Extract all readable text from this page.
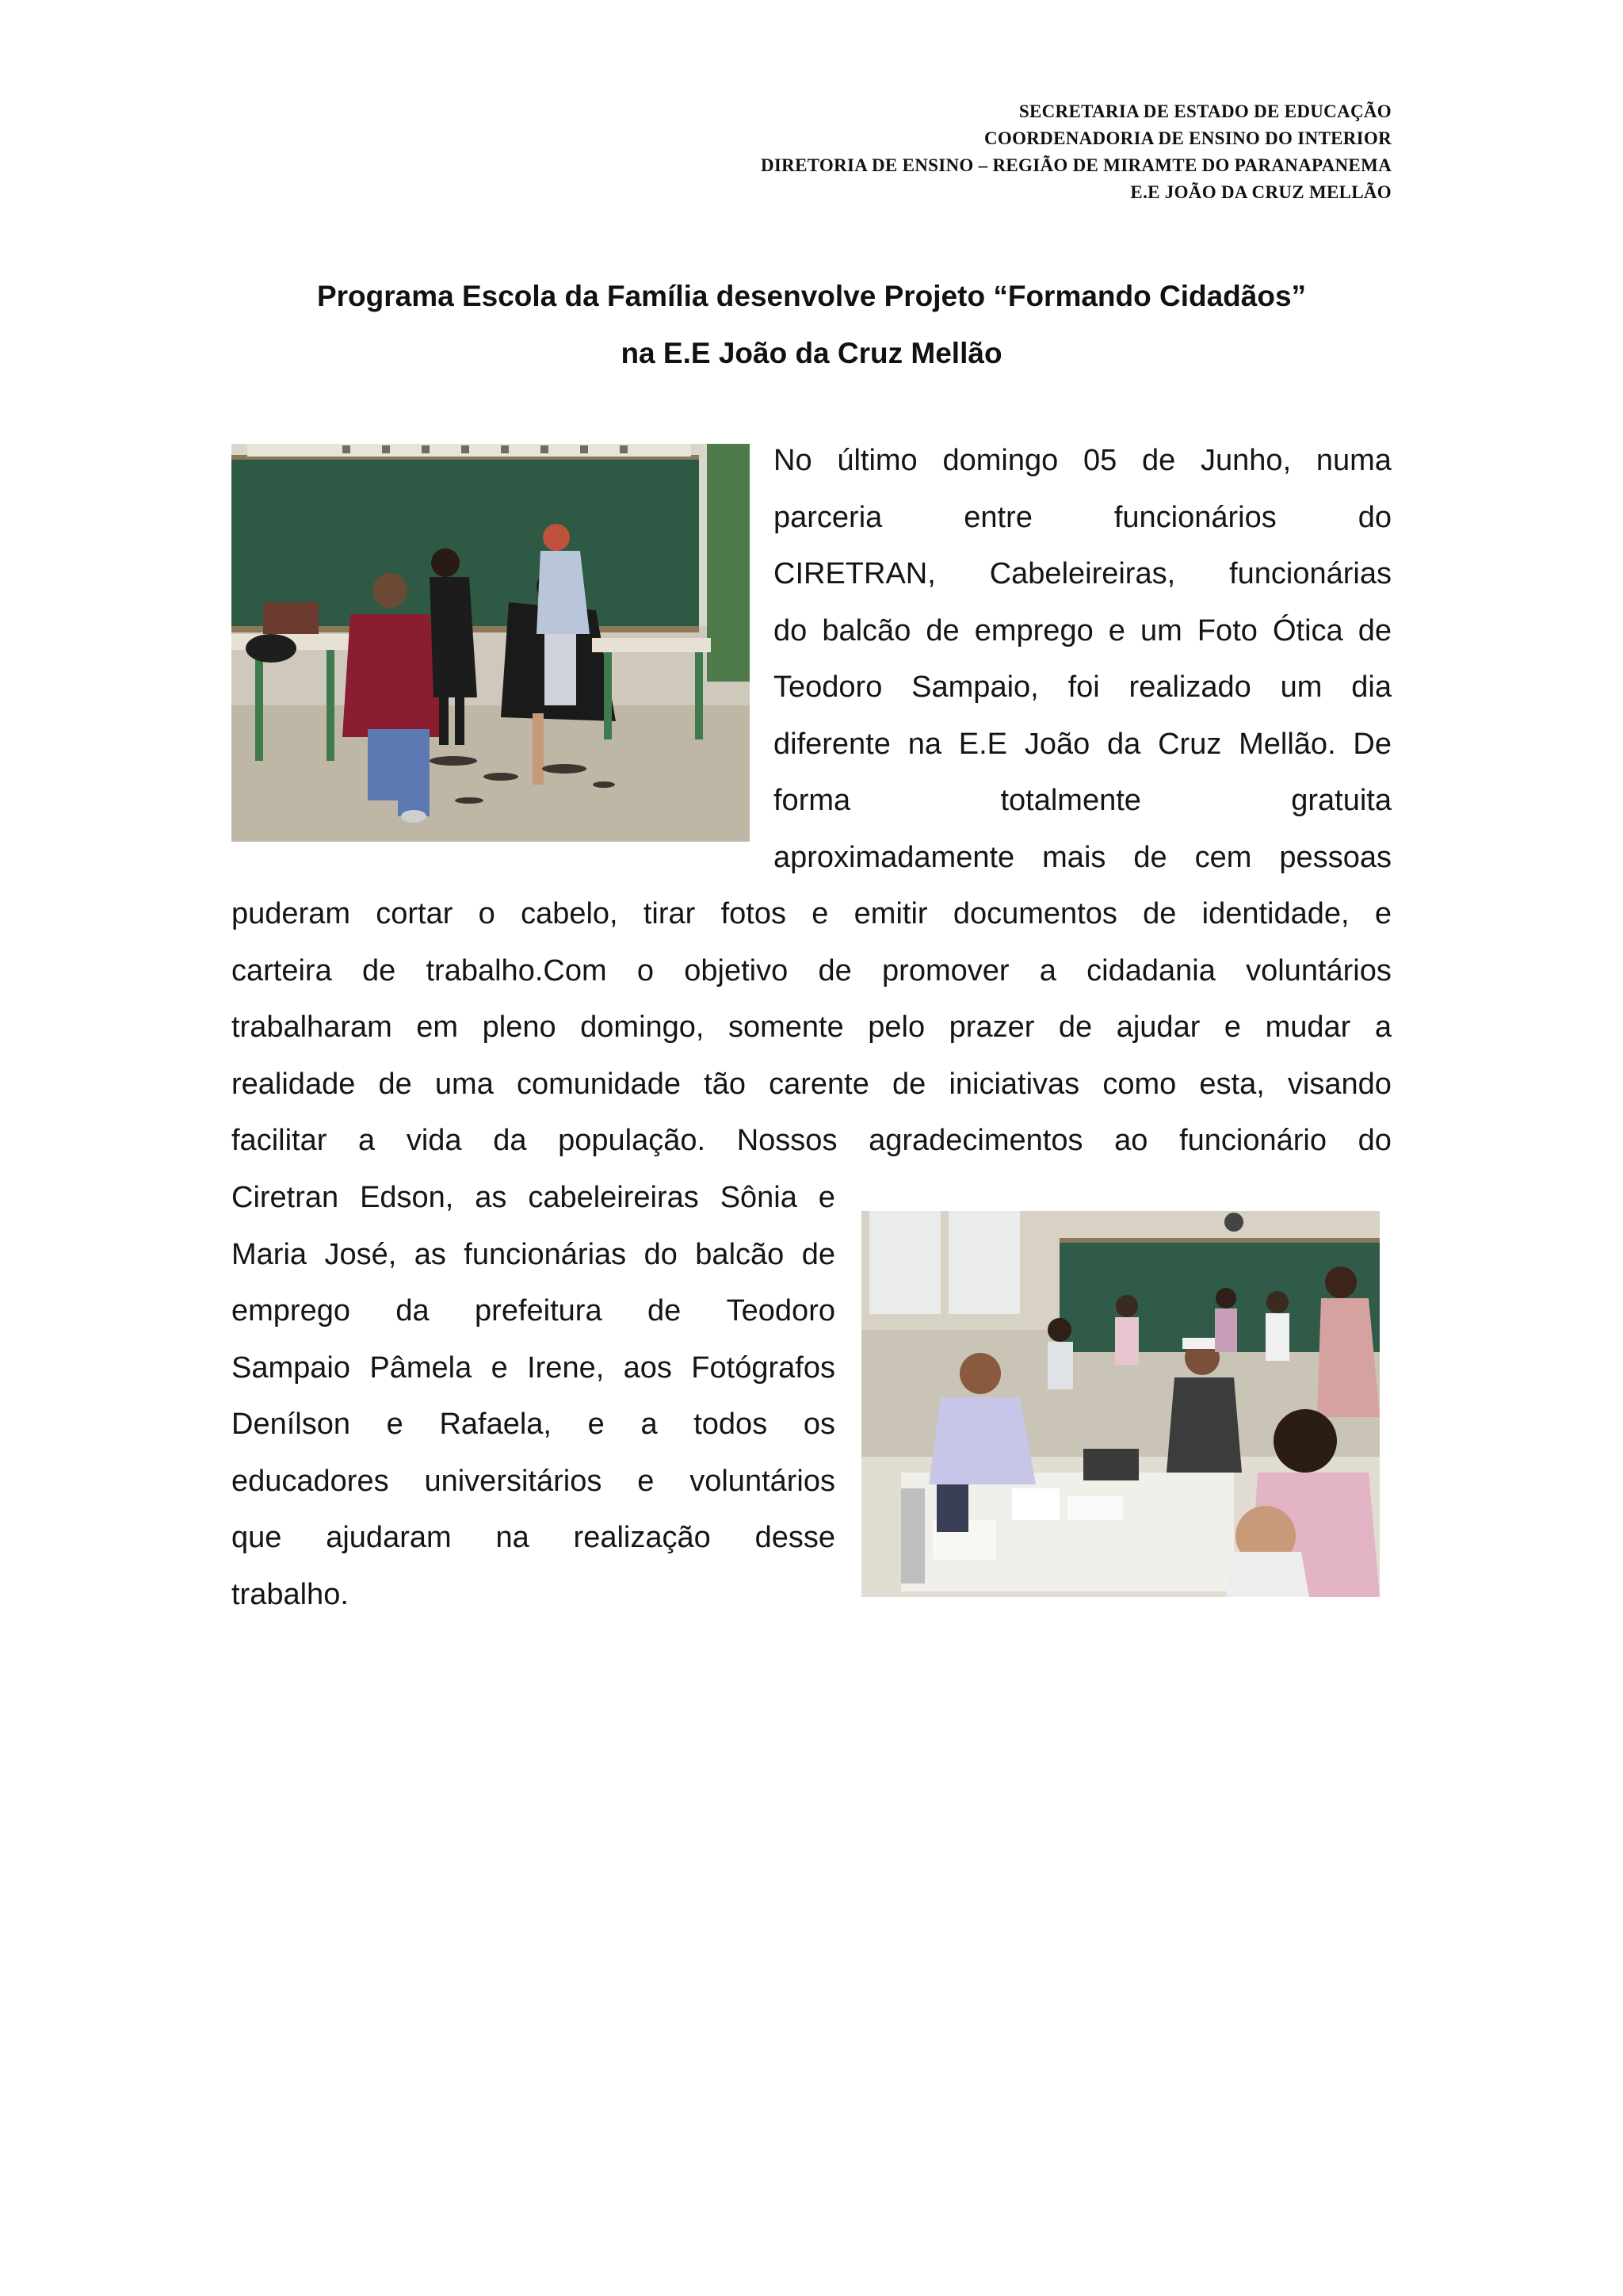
SECRETARIA DE ESTADO DE EDUCAÇÃO
COORDENADORIA DE ENSINO DO INTERIOR
DIRETORIA DE ENSINO – REGIÃO DE MIRAMTE DO PARANAPANEMA
E.E JOÃO DA CRUZ MELLÃO
Programa Escola da Família desenvolve Projeto “Formando Cidadãos”
na E.E João da Cruz Mellão
No último domingo 05 de Junho, numa
parceria	entre	funcionários	do
CIRETRAN, Cabeleireiras, funcionárias
do balcão de emprego e um Foto Ótica de
Teodoro Sampaio, foi realizado um dia
diferente na E.E João da Cruz Mellão. De
forma	totalmente	gratuita
aproximadamente mais de cem pessoas
puderam cortar o cabelo, tirar fotos e emitir documentos de identidade, e
carteira de trabalho.Com o objetivo de promover a cidadania voluntários
trabalharam em pleno domingo, somente pelo prazer de ajudar e mudar a
realidade de uma comunidade tão carente de iniciativas como esta, visando
facilitar a vida da população. Nossos agradecimentos ao funcionário do
Ciretran Edson, as cabeleireiras Sônia e
Maria José, as funcionárias do balcão de
emprego da prefeitura de Teodoro
Sampaio Pâmela e Irene, aos Fotógrafos
Denílson e Rafaela, e a todos os
educadores universitários e voluntários
que ajudaram na realização desse
trabalho.
